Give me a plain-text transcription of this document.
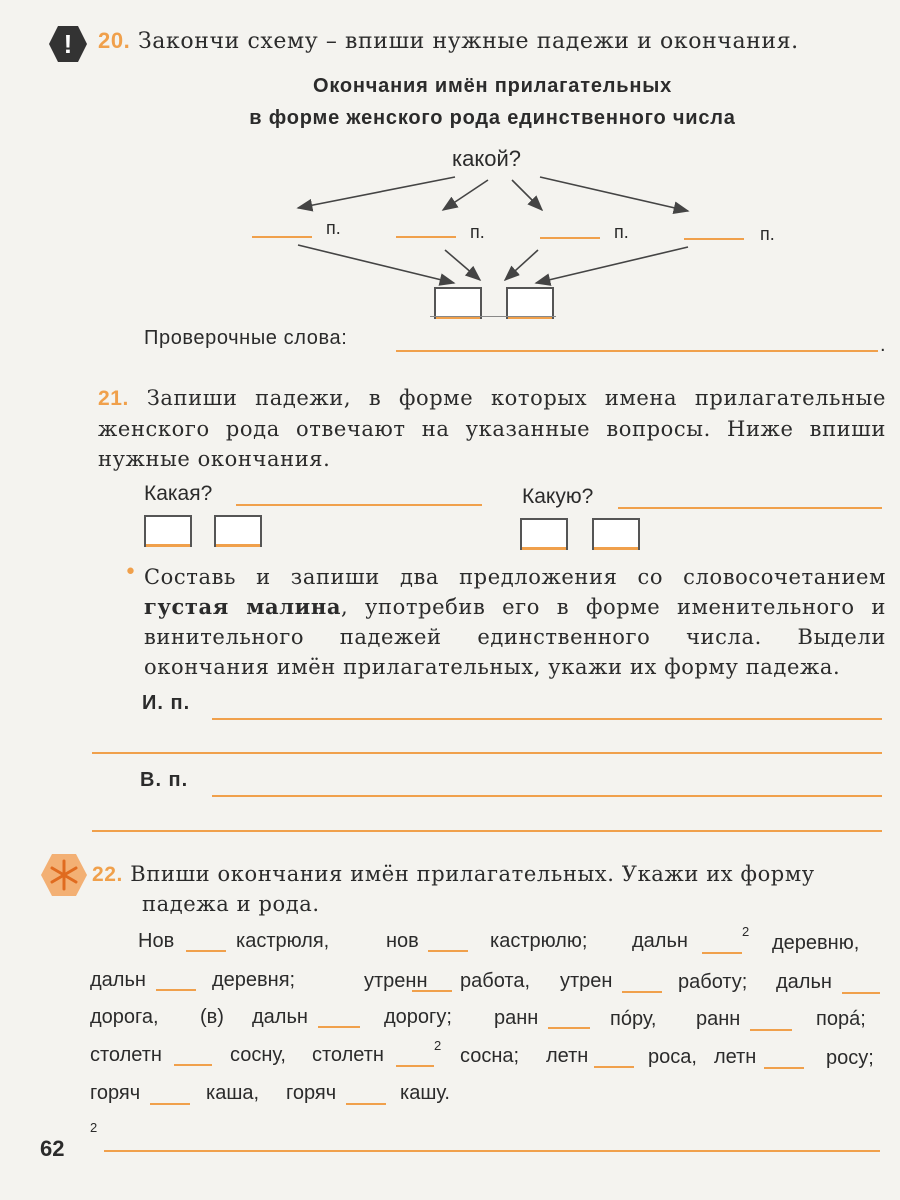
! 20. Закончи схему – впиши нужные падежи и окончания.
Окончания имён прилагательных
в форме женского рода единственного числа
какой?
п.	п.	п.	п.
Проверочные слова:	.
21. Запиши падежи, в форме которых имена прилагательные женского рода отвечают на указанные вопросы. Ниже впиши нужные окончания.
Какая?	Какую?
• Составь и запиши два предложения со словосочетанием густая малина, употребив его в форме именительного и винительного падежей единственного числа. Выдели окончания имён прилагательных, укажи их форму падежа.
И. п.
В. п.
22. Впиши окончания имён прилагательных. Укажи их форму
падежа и рода.
Нов	кастрюля,	нов	кастрюлю; дальн	2
деревню,
дальн	деревня;	утренн работа, утрен	работу; дальн
дорога, (в) дальн	дорогу; ранн	пóру, ранн	порá;
столетн	сосну, столетн	2 сосна; летн	роса, летн	росу;
горяч	каша, горяч	кашу.
2
62
